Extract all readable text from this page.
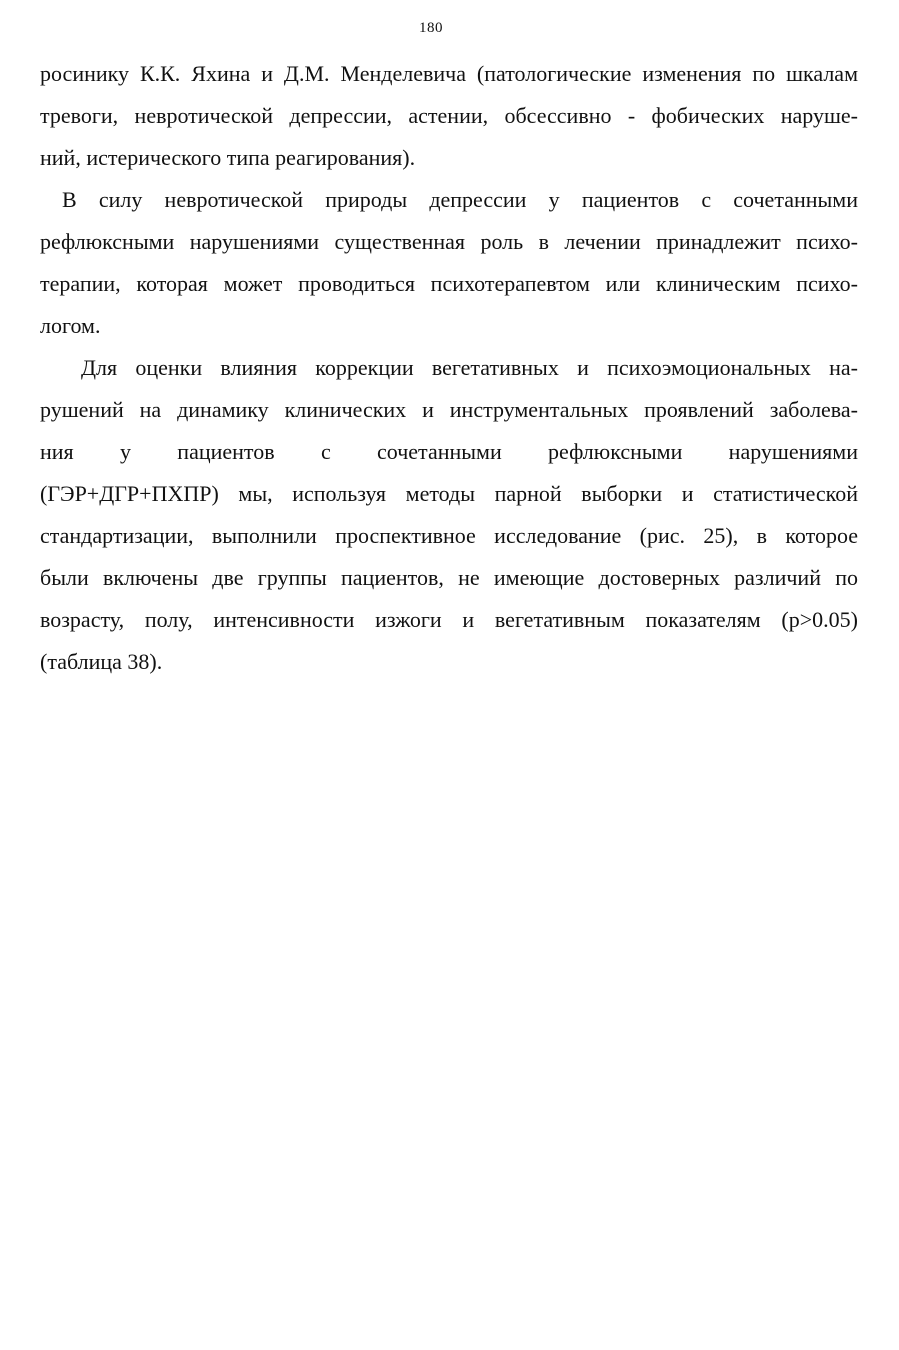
180
росинику К.К. Яхина и Д.М. Менделевича (патологические изменения по шкалам
тревоги, невротической депрессии, астении, обсессивно - фобических наруше-
ний, истерического типа реагирования).
В силу невротической природы депрессии у пациентов с сочетанными
рефлюксными нарушениями существенная роль в лечении принадлежит психо-
терапии, которая может проводиться психотерапевтом или клиническим психо-
логом.
Для оценки влияния коррекции вегетативных и психоэмоциональных на-
рушений на динамику клинических и инструментальных проявлений заболева-
ния у пациентов с сочетанными рефлюксными нарушениями
(ГЭР+ДГР+ПХПР) мы, используя методы парной выборки и статистической
стандартизации, выполнили проспективное исследование (рис. 25), в которое
были включены две группы пациентов, не имеющие достоверных различий по
возрасту, полу, интенсивности изжоги и вегетативным показателям (p>0.05)
(таблица 38).
